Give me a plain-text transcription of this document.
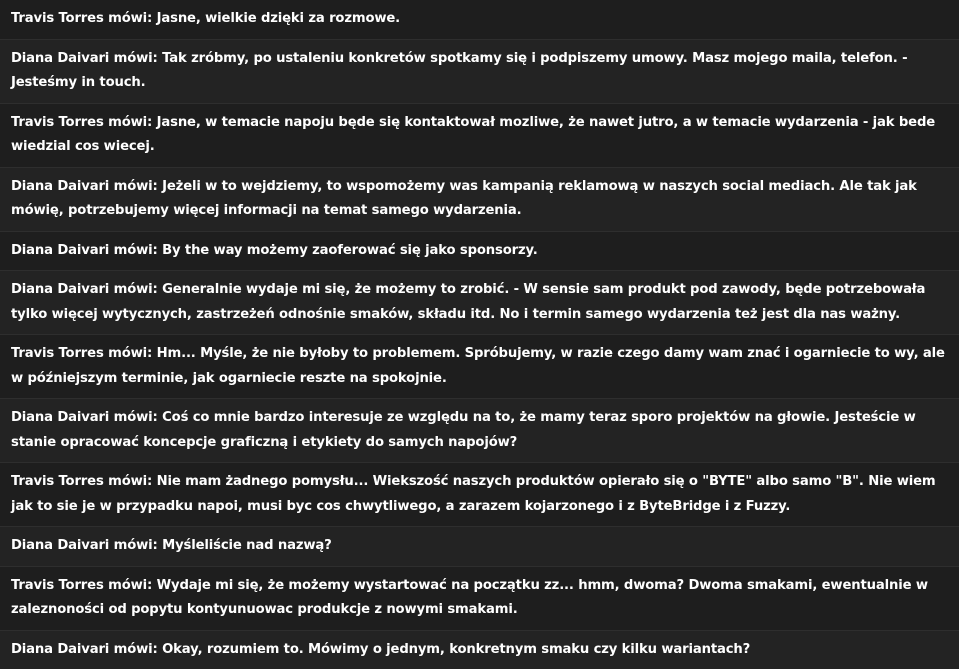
Travis Torres mówi: Jasne, wielkie dzięki za rozmowe.
Diana Daivari mówi: Tak zróbmy, po ustaleniu konkretów spotkamy się i podpiszemy umowy. Masz mojego maila, telefon. - Jesteśmy in touch.
Travis Torres mówi: Jasne, w temacie napoju będe się kontaktował mozliwe, że nawet jutro, a w temacie wydarzenia - jak bede wiedzial cos wiecej.
Diana Daivari mówi: Jeżeli w to wejdziemy, to wspomożemy was kampanią reklamową w naszych social mediach. Ale tak jak mówię, potrzebujemy więcej informacji na temat samego wydarzenia.
Diana Daivari mówi: By the way możemy zaoferować się jako sponsorzy.
Diana Daivari mówi: Generalnie wydaje mi się, że możemy to zrobić. - W sensie sam produkt pod zawody, będe potrzebowała tylko więcej wytycznych, zastrzeżeń odnośnie smaków, składu itd. No i termin samego wydarzenia też jest dla nas ważny.
Travis Torres mówi: Hm... Myśle, że nie byłoby to problemem. Spróbujemy, w razie czego damy wam znać i ogarniecie to wy, ale w późniejszym terminie, jak ogarniecie reszte na spokojnie.
Diana Daivari mówi: Coś co mnie bardzo interesuje ze względu na to, że mamy teraz sporo projektów na głowie. Jesteście w stanie opracować koncepcje graficzną i etykiety do samych napojów?
Travis Torres mówi: Nie mam żadnego pomysłu... Wiekszość naszych produktów opierało się o "BYTE" albo samo "B". Nie wiem jak to sie je w przypadku napoi, musi byc cos chwytliwego, a zarazem kojarzonego i z ByteBridge i z Fuzzy.
Diana Daivari mówi: Myśleliście nad nazwą?
Travis Torres mówi: Wydaje mi się, że możemy wystartować na początku zz... hmm, dwoma? Dwoma smakami, ewentualnie w zaleznoności od popytu kontyunuowac produkcje z nowymi smakami.
Diana Daivari mówi: Okay, rozumiem to. Mówimy o jednym, konkretnym smaku czy kilku wariantach?
